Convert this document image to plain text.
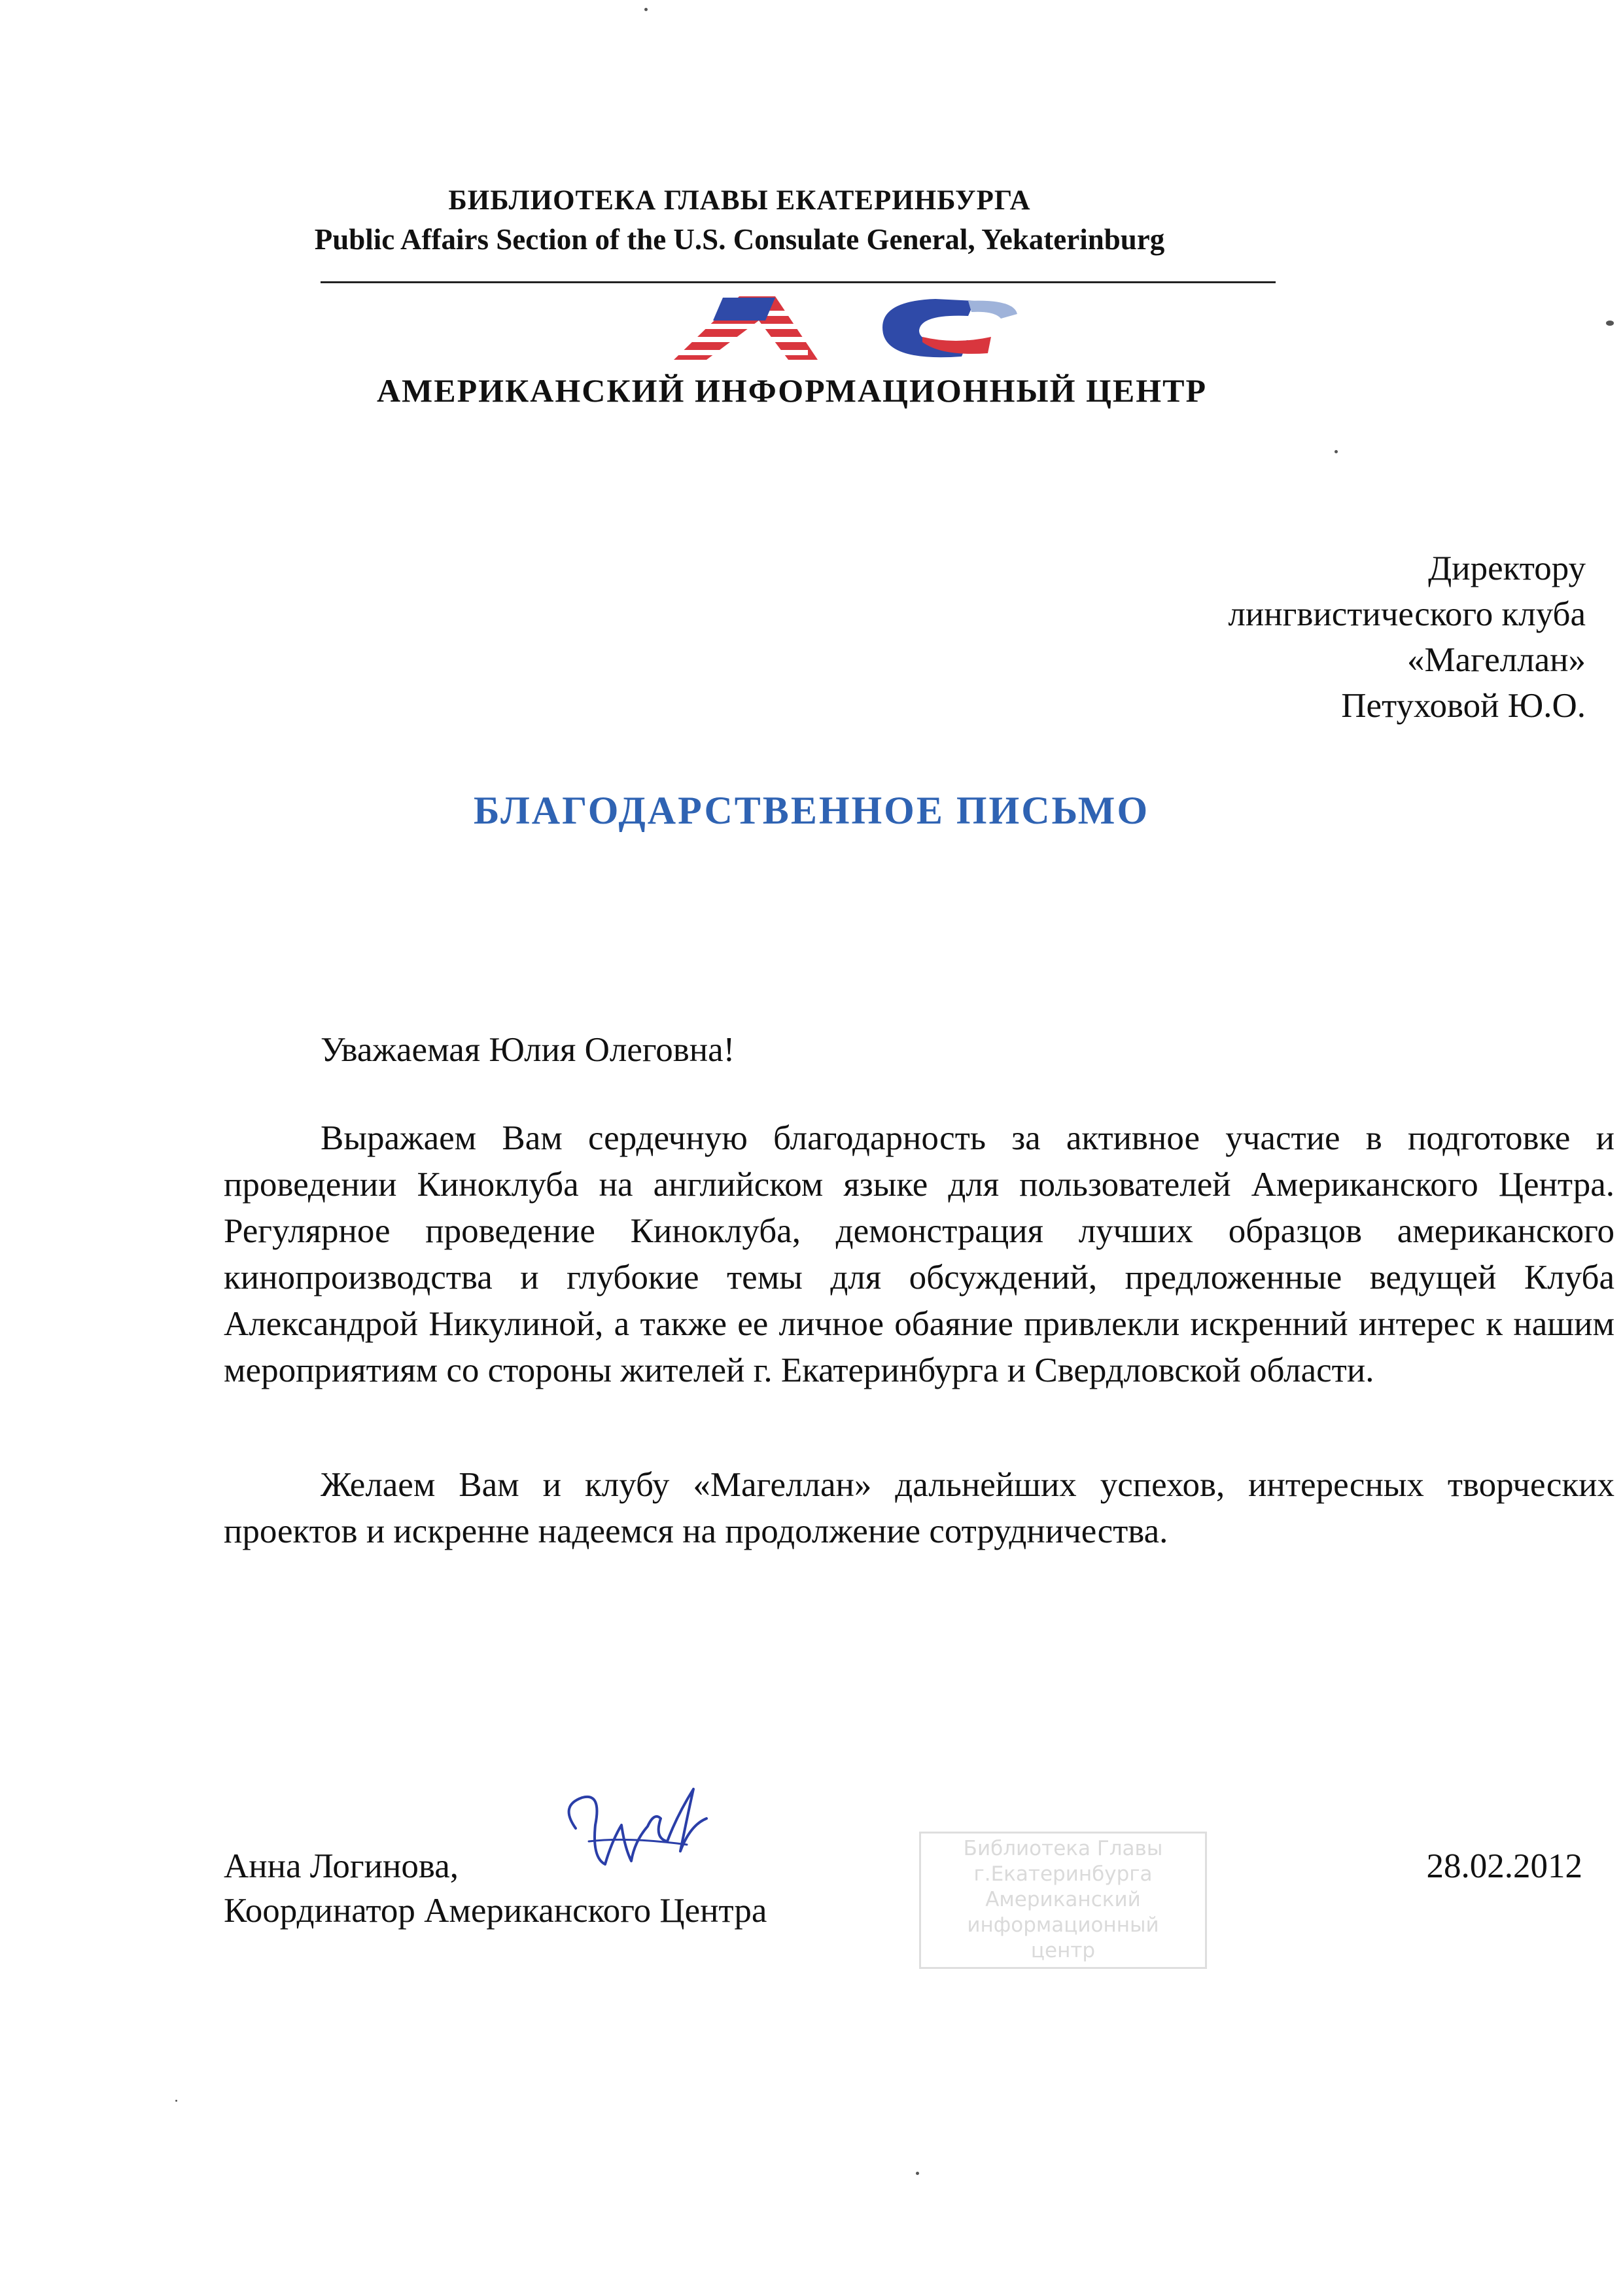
БИБЛИОТЕКА ГЛАВЫ ЕКАТЕРИНБУРГА
Public Affairs Section of the U.S. Consulate General, Yekaterinburg
АМЕРИКАНСКИЙ ИНФОРМАЦИОННЫЙ ЦЕНТР
Директору
лингвистического клуба
«Магеллан»
Петуховой Ю.О.
БЛАГОДАРСТВЕННОЕ ПИСЬМО
Уважаемая Юлия Олеговна!
Выражаем Вам сердечную благодарность за активное участие в подготовке и проведении Киноклуба на английском языке для пользователей Американского Центра. Регулярное проведение Киноклуба, демонстрация лучших образцов американского кинопроизводства и глубокие темы для обсуждений, предложенные ведущей Клуба Александрой Никулиной, а также ее личное обаяние привлекли искренний интерес к нашим мероприятиям со стороны жителей г. Екатеринбурга и Свердловской области.
Желаем Вам и клубу «Магеллан» дальнейших успехов, интересных творческих проектов и искренне надеемся на продолжение сотрудничества.
Анна Логинова,
Координатор Американского Центра
Библиотека Главы
г.Екатеринбурга
Американский
информационный
центр
28.02.2012
